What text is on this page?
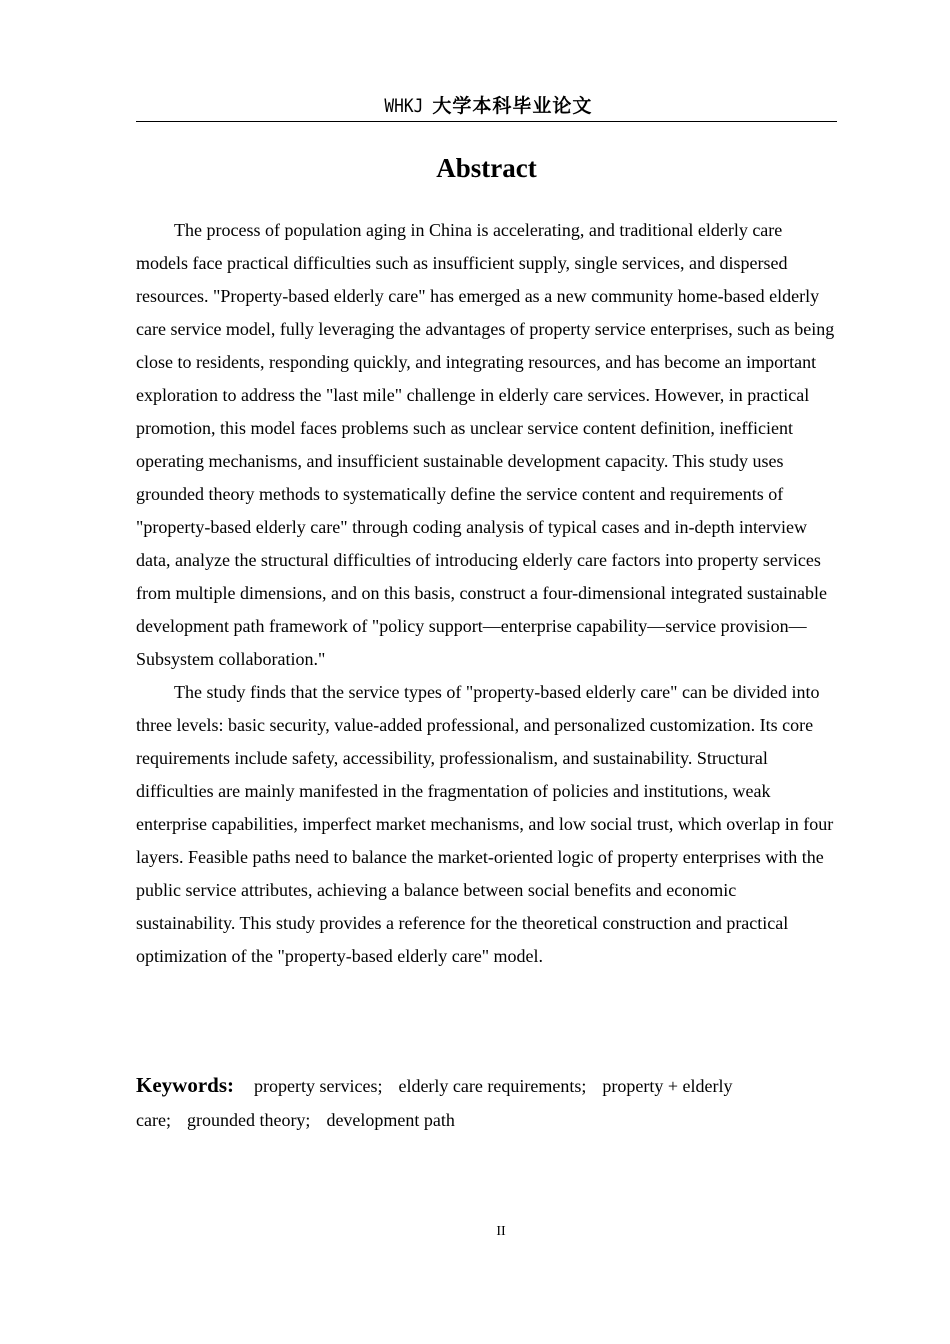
WHKJ 大学本科毕业论文
Abstract

The process of population aging in China is accelerating, and traditional elderly care models face practical difficulties such as insufficient supply, single services, and dispersed resources. "Property-based elderly care" has emerged as a new community home-based elderly care service model, fully leveraging the advantages of property service enterprises, such as being close to residents, responding quickly, and integrating resources, and has become an important exploration to address the "last mile" challenge in elderly care services. However, in practical promotion, this model faces problems such as unclear service content definition, inefficient operating mechanisms, and insufficient sustainable development capacity. This study uses grounded theory methods to systematically define the service content and requirements of "property-based elderly care" through coding analysis of typical cases and in-depth interview data, analyze the structural difficulties of introducing elderly care factors into property services from multiple dimensions, and on this basis, construct a four-dimensional integrated sustainable development path framework of "policy support—enterprise capability—service provision—Subsystem collaboration."

The study finds that the service types of "property-based elderly care" can be divided into three levels: basic security, value-added professional, and personalized customization. Its core requirements include safety, accessibility, professionalism, and sustainability. Structural difficulties are mainly manifested in the fragmentation of policies and institutions, weak enterprise capabilities, imperfect market mechanisms, and low social trust, which overlap in four layers. Feasible paths need to balance the market-oriented logic of property enterprises with the public service attributes, achieving a balance between social benefits and economic sustainability. This study provides a reference for the theoretical construction and practical optimization of the "property-based elderly care" model.

Keywords: property services; elderly care requirements; property + elderly care; grounded theory; development path
II
